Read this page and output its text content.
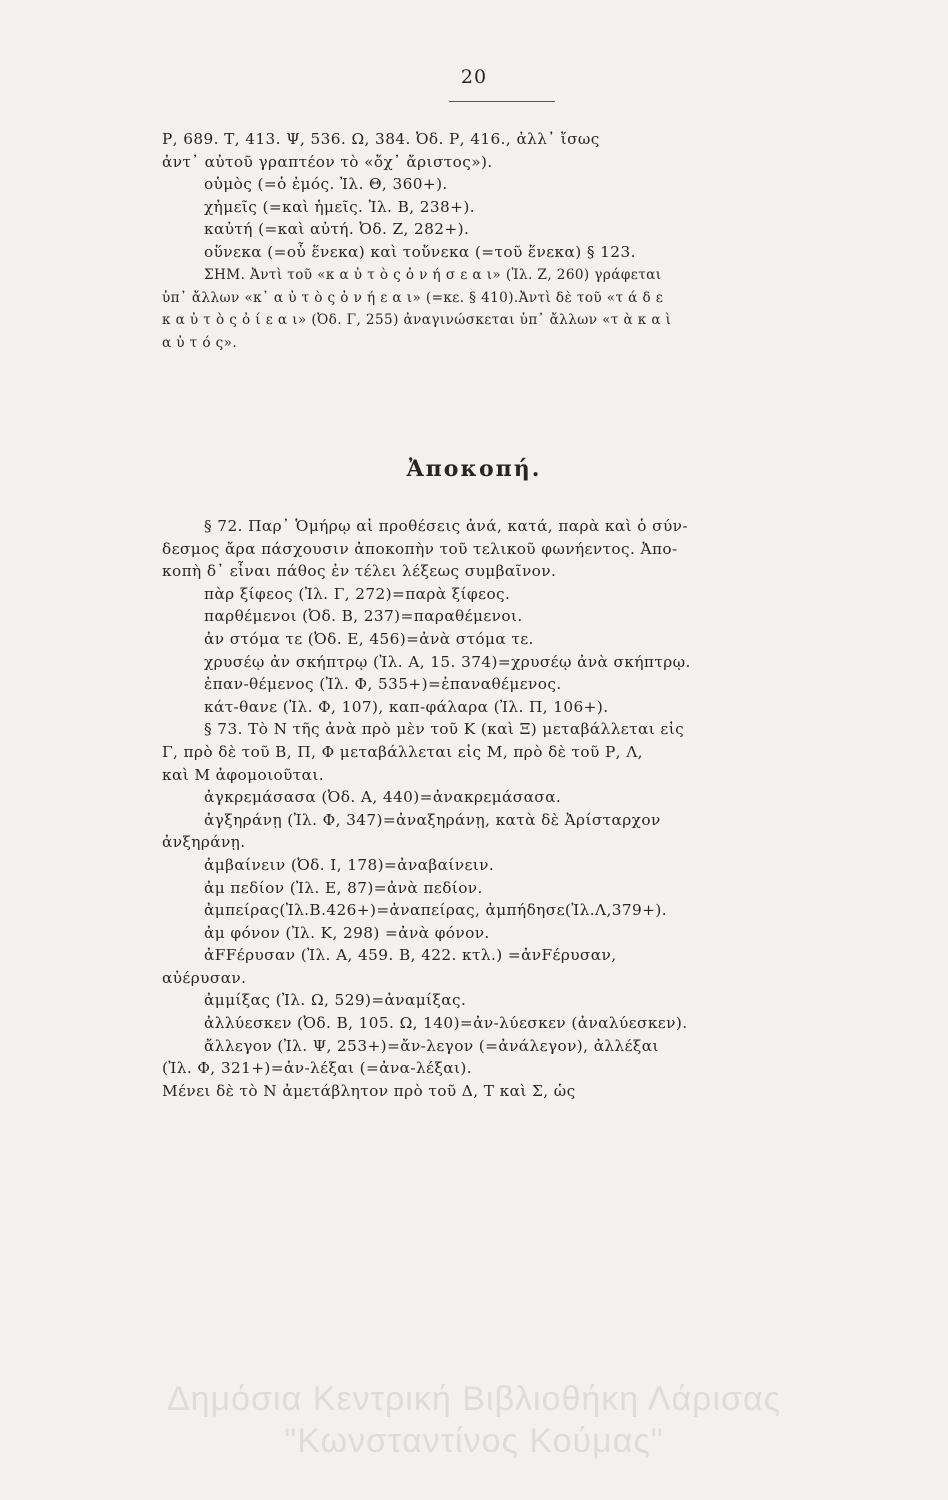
20
Ρ, 689. Τ, 413. Ψ, 536. Ω, 384. Ὀδ. Ρ, 416., ἀλλ᾽ ἴσως
ἀντ᾽ αὐτοῦ γραπτέον τὸ «ὄχ᾽ ἄριστος»).
οὑμὸς (=ὁ ἐμός. Ἰλ. Θ, 360+).
χἠμεῖς (=καὶ ἡμεῖς. Ἰλ. Β, 238+).
καὐτή (=καὶ αὐτή. Ὀδ. Ζ, 282+).
οὕνεκα (=οὗ ἕνεκα) καὶ τοὔνεκα (=τοῦ ἕνεκα) § 123.
ΣΗΜ. Ἀντὶ τοῦ «κ α ὐ τ ὸ ς ὀ ν ή σ ε α ι» (Ἰλ. Ζ, 260) γράφεται
ὑπ᾽ ἄλλων «κ᾽ α ὐ τ ὸ ς ὀ ν ή ε α ι» (=κε. § 410).Ἀντὶ δὲ τοῦ «τ ά δ ε
κ α ὐ τ ὸ ς ὀ ί ε α ι» (Ὀδ. Γ, 255) ἀναγινώσκεται ὑπ᾽ ἄλλων «τ ὰ κ α ὶ
α ὐ τ ό ς».
Ἀποκοπή.
§ 72. Παρ᾽ Ὁμήρῳ αἱ προθέσεις ἀνά, κατά, παρὰ καὶ ὁ σύν-
δεσμος ἄρα πάσχουσιν ἀποκοπὴν τοῦ τελικοῦ φωνήεντος. Ἀπο-
κοπὴ δ᾽ εἶναι πάθος ἐν τέλει λέξεως συμβαῖνον.
πὰρ ξίφεος (Ἰλ. Γ, 272)=παρὰ ξίφεος.
παρθέμενοι (Ὀδ. Β, 237)=παραθέμενοι.
ἀν στόμα τε (Ὀδ. Ε, 456)=ἀνὰ στόμα τε.
χρυσέῳ ἀν σκήπτρῳ (Ἰλ. Α, 15. 374)=χρυσέῳ ἀνὰ σκήπτρῳ.
ἐπαν-θέμενος (Ἰλ. Φ, 535+)=ἐπαναθέμενος.
κάτ-θανε (Ἰλ. Φ, 107), καπ-φάλαρα (Ἰλ. Π, 106+).
§ 73. Τὸ Ν τῆς ἀνὰ πρὸ μὲν τοῦ Κ (καὶ Ξ) μεταβάλλεται εἰς
Γ, πρὸ δὲ τοῦ Β, Π, Φ μεταβάλλεται εἰς Μ, πρὸ δὲ τοῦ Ρ, Λ,
καὶ Μ ἀφομοιοῦται.
ἀγκρεμάσασα (Ὀδ. Α, 440)=ἀνακρεμάσασα.
ἀγξηράνῃ (Ἰλ. Φ, 347)=ἀναξηράνῃ, κατὰ δὲ Ἀρίσταρχον
ἀνξηράνῃ.
ἀμβαίνειν (Ὀδ. Ι, 178)=ἀναβαίνειν.
ἀμ πεδίον (Ἰλ. Ε, 87)=ἀνὰ πεδίον.
ἀμπείρας(Ἰλ.Β.426+)=ἀναπείρας, ἀμπήδησε(Ἰλ.Λ,379+).
ἀμ φόνον (Ἰλ. Κ, 298) =ἀνὰ φόνον.
ἀFFέρυσαν (Ἰλ. Α, 459. Β, 422. κτλ.) =ἀνFέρυσαν,
αὐέρυσαν.
ἀμμίξας (Ἰλ. Ω, 529)=ἀναμίξας.
ἀλλύεσκεν (Ὀδ. Β, 105. Ω, 140)=ἀν-λύεσκεν (ἀναλύεσκεν).
ἄλλεγον (Ἰλ. Ψ, 253+)=ἄν-λεγον (=ἀνάλεγον), ἀλλέξαι
(Ἰλ. Φ, 321+)=ἀν-λέξαι (=ἀνα-λέξαι).
Μένει δὲ τὸ Ν ἀμετάβλητον πρὸ τοῦ Δ, Τ καὶ Σ, ὡς
Δημόσια Κεντρική Βιβλιοθήκη Λάρισας
"Κωνσταντίνος Κούμας"
